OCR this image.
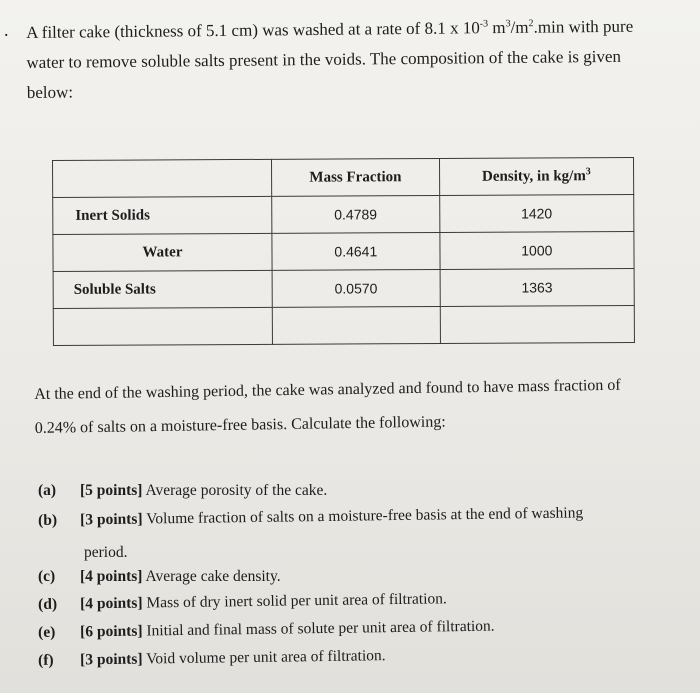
. A filter cake (thickness of 5.1 cm) was washed at a rate of 8.1 x $10^{-3}$ $m^3/m^2.\min$ with pure water to remove soluble salts present in the voids. The composition of the cake is given below:
	Mass Fraction	Density, in $kg/m^3$
Inert Solids	0.4789	1420
Water	0.4641	1000
Soluble Salts	0.0570	1363

At the end of the washing period, the cake was analyzed and found to have mass fraction of 0.24% of salts on a moisture-free basis. Calculate the following:
(a) [5 points] Average porosity of the cake.
(b) [3 points] Volume fraction of salts on a moisture-free basis at the end of washing
period.
(c) [4 points] Average cake density.
(d) [4 points] Mass of dry inert solid per unit area of filtration.
(e) [6 points] Initial and final mass of solute per unit area of filtration.
(f) [3 points] Void volume per unit area of filtration.
